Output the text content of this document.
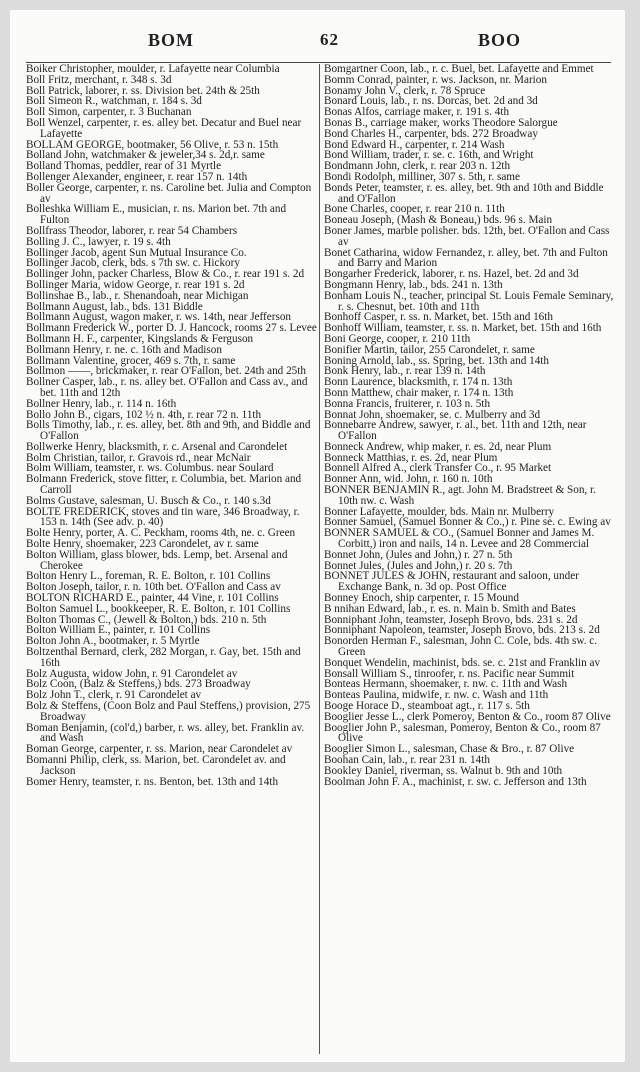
BOM	62	BOO
Boiker Christopher, moulder, r. Lafayette near Columbia
Boll Fritz, merchant, r. 348 s. 3d
Boll Patrick, laborer, r. ss. Division bet. 24th & 25th
Boll Simeon R., watchman, r. 184 s. 3d
Boll Simon, carpenter, r. 3 Buchanan
Boll Wenzel, carpenter, r. es. alley bet. Decatur and Buel near Lafayette
BOLLAM GEORGE, bootmaker, 56 Olive, r. 53 n. 15th
Bolland John, watchmaker & jeweler,34 s. 2d,r. same
Bolland Thomas, peddler, rear of 31 Myrtle
Bollenger Alexander, engineer, r. rear 157 n. 14th
Boller George, carpenter, r. ns. Caroline bet. Julia and Compton av
Bolleshka William E., musician, r. ns. Marion bet. 7th and Fulton
Bollfrass Theodor, laborer, r. rear 54 Chambers
Bolling J. C., lawyer, r. 19 s. 4th
Bollinger Jacob, agent Sun Mutual Insurance Co.
Bollinger Jacob, clerk, bds. s 7th sw. c. Hickory
Bollinger John, packer Charless, Blow & Co., r. rear 191 s. 2d
Bollinger Maria, widow George, r. rear 191 s. 2d
Bollinshae B., lab., r. Shenandoah, near Michigan
Bollmann August, lab., bds. 131 Biddle
Bollmann August, wagon maker, r. ws. 14th, near Jefferson
Bollmann Frederick W., porter D. J. Hancock, rooms 27 s. Levee
Bollmann H. F., carpenter, Kingslands & Ferguson
Bollmann Henry, r. ne. c. 16th and Madison
Bollmann Valentine, grocer, 469 s. 7th, r. same
Bollmon ——, brickmaker, r. rear O'Fallon, bet. 24th and 25th
Bollner Casper, lab., r. ns. alley bet. O'Fallon and Cass av., and bet. 11th and 12th
Bollner Henry, lab., r. 114 n. 16th
Bollo John B., cigars, 102 ½ n. 4th, r. rear 72 n. 11th
Bolls Timothy, lab., r. es. alley, bet. 8th and 9th, and Biddle and O'Fallon
Bollwerke Henry, blacksmith, r. c. Arsenal and Carondelet
Bolm Christian, tailor, r. Gravois rd., near McNair
Bolm William, teamster, r. ws. Columbus. near Soulard
Bolmann Frederick, stove fitter, r. Columbia, bet. Marion and Carroll
Bolms Gustave, salesman, U. Busch & Co., r. 140 s.3d
BOLTE FREDERICK, stoves and tin ware, 346 Broadway, r. 153 n. 14th (See adv. p. 40)
Bolte Henry, porter, A. C. Peckham, rooms 4th, ne. c. Green
Bolte Henry, shoemaker, 223 Carondelet, av r. same
Bolton William, glass blower, bds. Lemp, bet. Arsenal and Cherokee
Bolton Henry L., foreman, R. E. Bolton, r. 101 Collins
Bolton Joseph, tailor, r. n. 10th bet. O'Fallon and Cass av
BOLTON RICHARD E., painter, 44 Vine, r. 101 Collins
Bolton Samuel L., bookkeeper, R. E. Bolton, r. 101 Collins
Bolton Thomas C., (Jewell & Bolton,) bds. 210 n. 5th
Bolton William E., painter, r. 101 Collins
Bolton John A., bootmaker, r. 5 Myrtle
Boltzenthal Bernard, clerk, 282 Morgan, r. Gay, bet. 15th and 16th
Bolz Augusta, widow John, r. 91 Carondelet av
Bolz Coon, (Balz & Steffens,) bds. 273 Broadway
Bolz John T., clerk, r. 91 Carondelet av
Bolz & Steffens, (Coon Bolz and Paul Steffens,) provision, 275 Broadway
Boman Benjamin, (col'd,) barber, r. ws. alley, bet. Franklin av. and Wash
Boman George, carpenter, r. ss. Marion, near Carondelet av
Bomanni Philip, clerk, ss. Marion, bet. Carondelet av. and Jackson
Bomer Henry, teamster, r. ns. Benton, bet. 13th and 14th
Bomgartner Coon, lab., r. c. Buel, bet. Lafayette and Emmet
Bomm Conrad, painter, r. ws. Jackson, nr. Marion
Bonamy John V., clerk, r. 78 Spruce
Bonard Louis, lab., r. ns. Dorcas, bet. 2d and 3d
Bonas Alfos, carriage maker, r. 191 s. 4th
Bonas B., carriage maker, works Theodore Salorgue
Bond Charles H., carpenter, bds. 272 Broadway
Bond Edward H., carpenter, r. 214 Wash
Bond William, trader, r. se. c. 16th, and Wright
Bondmann John, clerk, r. rear 203 n. 12th
Bondi Rodolph, milliner, 307 s. 5th, r. same
Bonds Peter, teamster, r. es. alley, bet. 9th and 10th and Biddle and O'Fallon
Bone Charles, cooper, r. rear 210 n. 11th
Boneau Joseph, (Mash & Boneau,) bds. 96 s. Main
Boner James, marble polisher. bds. 12th, bet. O'Fallon and Cass av
Bonet Catharina, widow Fernandez, r. alley, bet. 7th and Fulton and Barry and Marion
Bongarher Frederick, laborer, r. ns. Hazel, bet. 2d and 3d
Bongmann Henry, lab., bds. 241 n. 13th
Bonham Louis N., teacher, principal St. Louis Female Seminary, r. s. Chesnut, bet. 10th and 11th
Bonhoff Casper, r. ss. n. Market, bet. 15th and 16th
Bonhoff William, teamster, r. ss. n. Market, bet. 15th and 16th
Boni George, cooper, r. 210 11th
Bonifier Martin, tailor, 255 Carondelet, r. same
Boning Arnold, lab., ss. Spring, bet. 13th and 14th
Bonk Henry, lab., r. rear 139 n. 14th
Bonn Laurence, blacksmith, r. 174 n. 13th
Bonn Matthew, chair maker, r. 174 n. 13th
Bonna Francis, fruiterer, r. 103 n. 5th
Bonnat John, shoemaker, se. c. Mulberry and 3d
Bonnebarre Andrew, sawyer, r. al., bet. 11th and 12th, near O'Fallon
Bonneck Andrew, whip maker, r. es. 2d, near Plum
Bonneck Matthias, r. es. 2d, near Plum
Bonnell Alfred A., clerk Transfer Co., r. 95 Market
Bonner Ann, wid. John, r. 160 n. 10th
BONNER BENJAMIN R., agt. John M. Bradstreet & Son, r. 10th nw. c. Wash
Bonner Lafayette, moulder, bds. Main nr. Mulberry
Bonner Samuel, (Samuel Bonner & Co.,) r. Pine se. c. Ewing av
BONNER SAMUEL & CO., (Samuel Bonner and James M. Corbitt,) iron and nails, 14 n. Levee and 28 Commercial
Bonnet John, (Jules and John,) r. 27 n. 5th
Bonnet Jules, (Jules and John,) r. 20 s. 7th
BONNET JULES & JOHN, restaurant and saloon, under Exchange Bank, n. 3d op. Post Office
Bonney Enoch, ship carpenter, r. 15 Mound
B nnihan Edward, lab., r. es. n. Main b. Smith and Bates
Bonniphant John, teamster, Joseph Brovo, bds. 231 s. 2d
Bonniphant Napoleon, teamster, Joseph Brovo, bds. 213 s. 2d
Bonorden Herman F., salesman, John C. Cole, bds. 4th sw. c. Green
Bonquet Wendelin, machinist, bds. se. c. 21st and Franklin av
Bonsall William S., tinroofer, r. ns. Pacific near Summit
Bonteas Hermann, shoemaker, r. nw. c. 11th and Wash
Bonteas Paulina, midwife, r. nw. c. Wash and 11th
Booge Horace D., steamboat agt., r. 117 s. 5th
Booglier Jesse L., clerk Pomeroy, Benton & Co., room 87 Olive
Booglier John P., salesman, Pomeroy, Benton & Co., room 87 Olive
Booglier Simon L., salesman, Chase & Bro., r. 87 Olive
Boohan Cain, lab., r. rear 231 n. 14th
Bookley Daniel, riverman, ss. Walnut b. 9th and 10th
Boolman John F. A., machinist, r. sw. c. Jefferson and 13th
